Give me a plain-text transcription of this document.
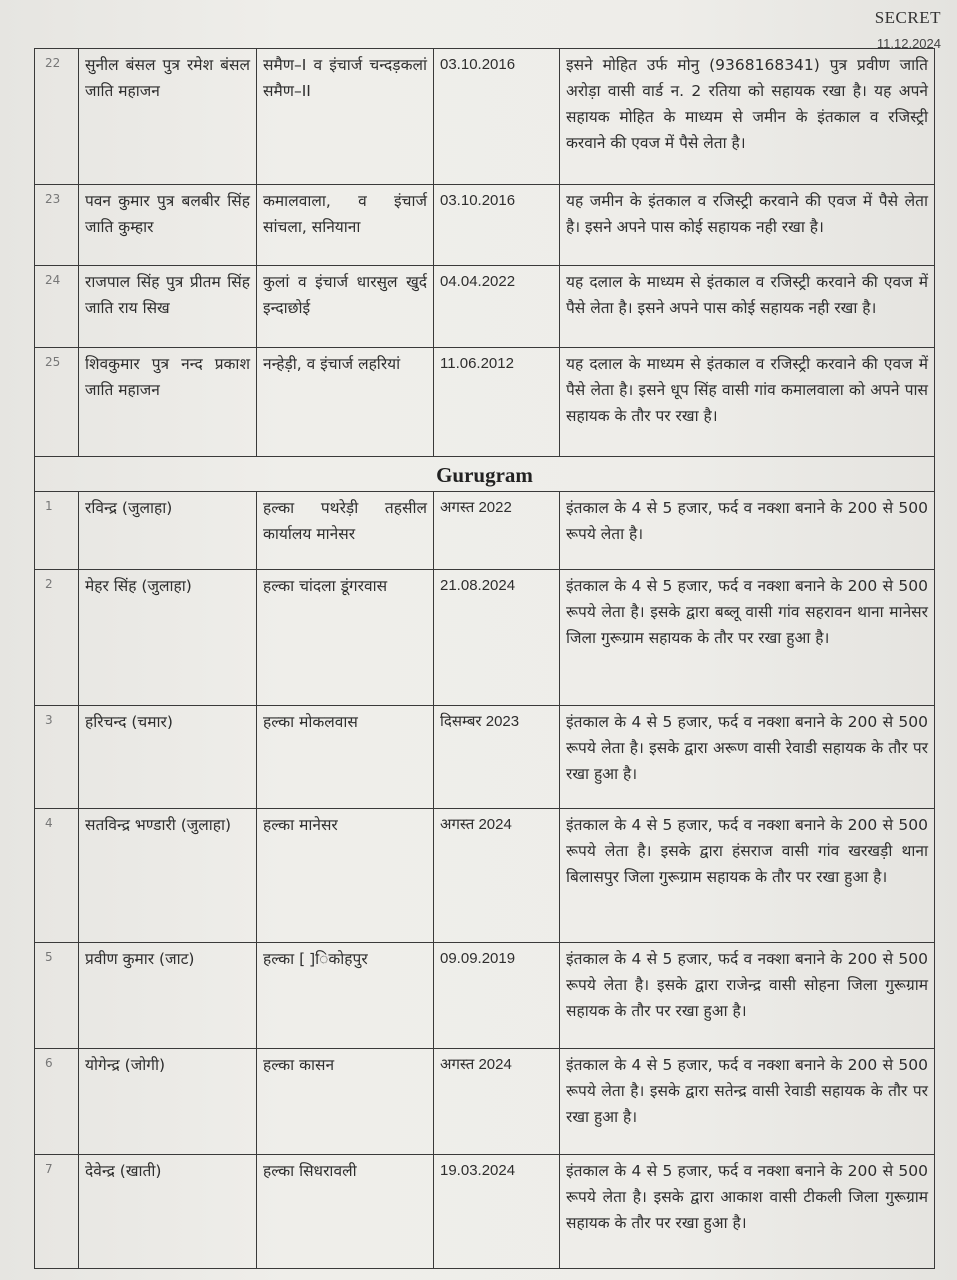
SECRET
11.12.2024
22	सुनील बंसल पुत्र रमेश बंसल जाति महाजन	समैण–I व इंचार्ज चन्दड़कलां समैण–II	03.10.2016	इसने मोहित उर्फ मोनु (9368168341) पुत्र प्रवीण जाति अरोड़ा वासी वार्ड न. 2 रतिया को सहायक रखा है। यह अपने सहायक मोहित के माध्यम से जमीन के इंतकाल व रजिस्ट्री करवाने की एवज में पैसे लेता है।
23	पवन कुमार पुत्र बलबीर सिंह जाति कुम्हार	कमालवाला, व इंचार्ज सांचला, सनियाना	03.10.2016	यह जमीन के इंतकाल व रजिस्ट्री करवाने की एवज में पैसे लेता है। इसने अपने पास कोई सहायक नही रखा है।
24	राजपाल सिंह पुत्र प्रीतम सिंह जाति राय सिख	कुलां व इंचार्ज धारसुल खुर्द इन्दाछोई	04.04.2022	यह दलाल के माध्यम से इंतकाल व रजिस्ट्री करवाने की एवज में पैसे लेता है। इसने अपने पास कोई सहायक नही रखा है।
25	शिवकुमार पुत्र नन्द प्रकाश जाति महाजन	नन्हेड़ी, व इंचार्ज लहरियां	11.06.2012	यह दलाल के माध्यम से इंतकाल व रजिस्ट्री करवाने की एवज में पैसे लेता है। इसने धूप सिंह वासी गांव कमालवाला को अपने पास सहायक के तौर पर रखा है।
Gurugram				
1	रविन्द्र (जुलाहा)	हल्का पथरेड़ी तहसील कार्यालय मानेसर	अगस्त 2022	इंतकाल के 4 से 5 हजार, फर्द व नक्शा बनाने के 200 से 500 रूपये लेता है।
2	मेहर सिंह (जुलाहा)	हल्का चांदला डूंगरवास	21.08.2024	इंतकाल के 4 से 5 हजार, फर्द व नक्शा बनाने के 200 से 500 रूपये लेता है। इसके द्वारा बब्लू वासी गांव सहरावन थाना मानेसर जिला गुरूग्राम सहायक के तौर पर रखा हुआ है।
3	हरिचन्द (चमार)	हल्का मोकलवास	दिसम्बर 2023	इंतकाल के 4 से 5 हजार, फर्द व नक्शा बनाने के 200 से 500 रूपये लेता है। इसके द्वारा अरूण वासी रेवाडी सहायक के तौर पर रखा हुआ है।
4	सतविन्द्र भण्डारी (जुलाहा)	हल्का मानेसर	अगस्त 2024	इंतकाल के 4 से 5 हजार, फर्द व नक्शा बनाने के 200 से 500 रूपये लेता है। इसके द्वारा हंसराज वासी गांव खरखड़ी थाना बिलासपुर जिला गुरूग्राम सहायक के तौर पर रखा हुआ है।
5	प्रवीण कुमार (जाट)	हल्का [ ]िकोहपुर	09.09.2019	इंतकाल के 4 से 5 हजार, फर्द व नक्शा बनाने के 200 से 500 रूपये लेता है। इसके द्वारा राजेन्द्र वासी सोहना जिला गुरूग्राम सहायक के तौर पर रखा हुआ है।
6	योगेन्द्र (जोगी)	हल्का कासन	अगस्त 2024	इंतकाल के 4 से 5 हजार, फर्द व नक्शा बनाने के 200 से 500 रूपये लेता है। इसके द्वारा सतेन्द्र वासी रेवाडी सहायक के तौर पर रखा हुआ है।
7	देवेन्द्र (खाती)	हल्का सिधरावली	19.03.2024	इंतकाल के 4 से 5 हजार, फर्द व नक्शा बनाने के 200 से 500 रूपये लेता है। इसके द्वारा आकाश वासी टीकली जिला गुरूग्राम सहायक के तौर पर रखा हुआ है।
